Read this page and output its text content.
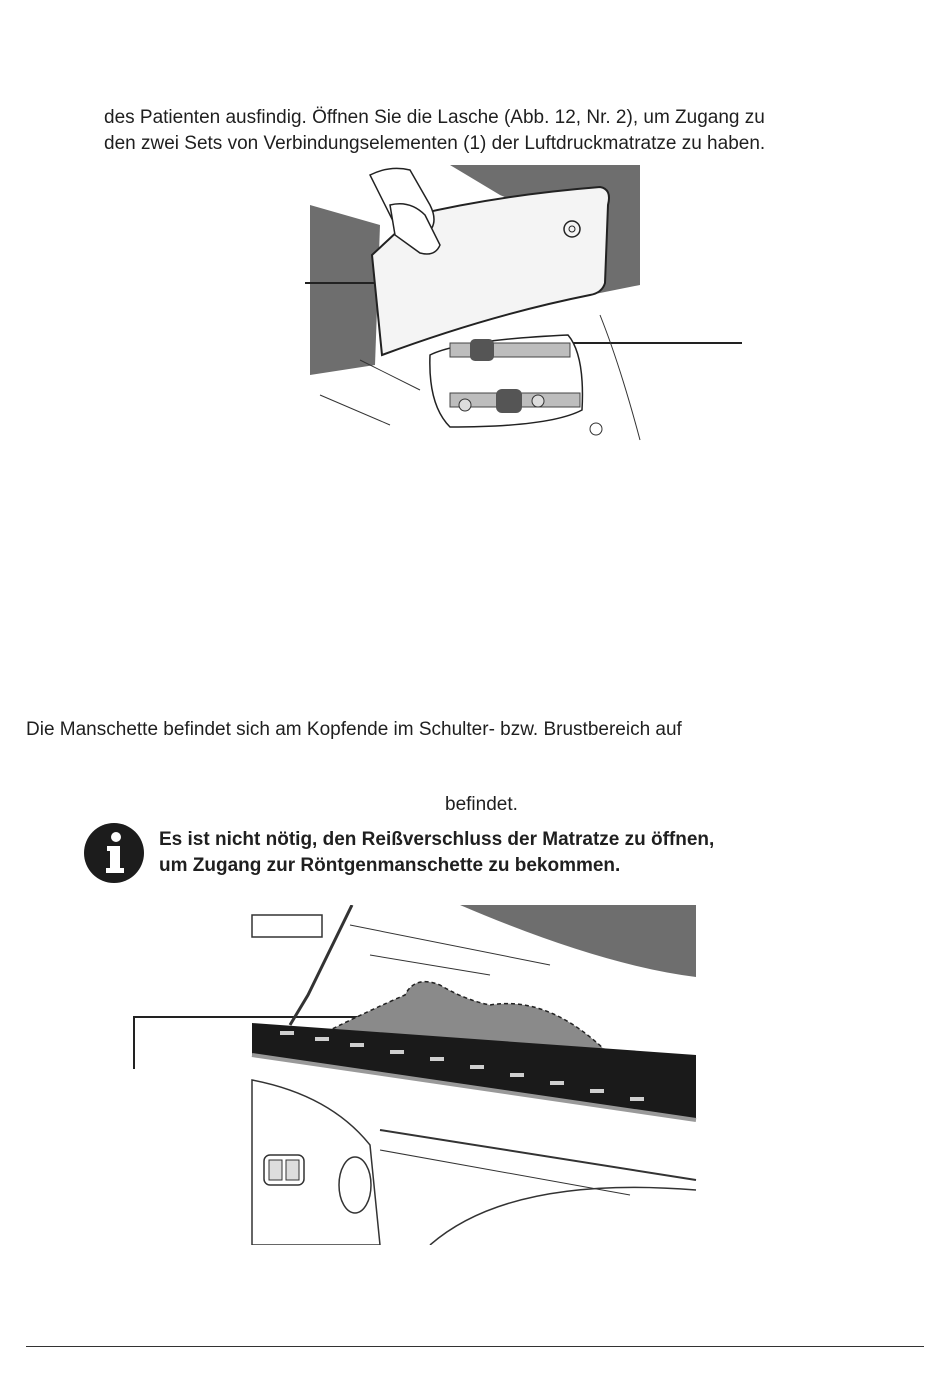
des Patienten ausfindig. Öffnen Sie die Lasche (Abb. 12, Nr. 2), um Zugang zu

den zwei Sets von Verbindungselementen (1) der Luftdruckmatratze zu haben.

Die Manschette befindet sich am Kopfende im Schulter- bzw. Brustbereich auf

befindet.

Es ist nicht nötig, den Reißverschluss der Matratze zu öffnen,
um Zugang zur Röntgenmanschette zu bekommen.
